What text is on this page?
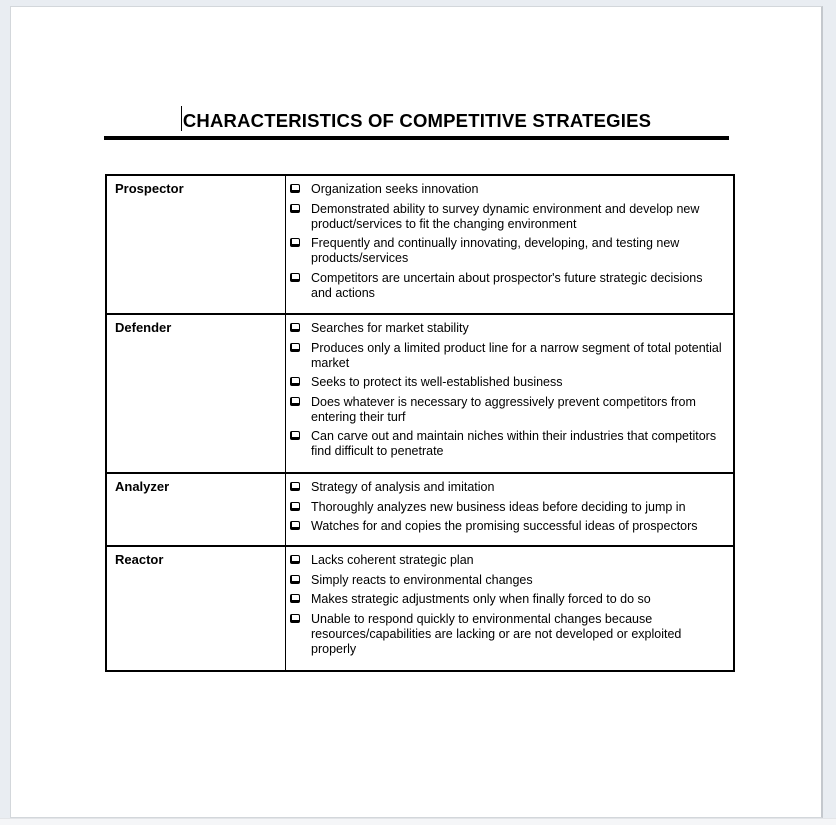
CHARACTERISTICS OF COMPETITIVE STRATEGIES
Prospector	Organization seeks innovation
Demonstrated ability to survey dynamic environment and develop new product/services to fit the changing environment
Frequently and continually innovating, developing, and testing new products/services
Competitors are uncertain about prospector's future strategic decisions and actions
Defender	Searches for market stability
Produces only a limited product line for a narrow segment of total potential market
Seeks to protect its well-established business
Does whatever is necessary to aggressively prevent competitors from entering their turf
Can carve out and maintain niches within their industries that competitors find difficult to penetrate
Analyzer	Strategy of analysis and imitation
Thoroughly analyzes new business ideas before deciding to jump in
Watches for and copies the promising successful ideas of prospectors
Reactor	Lacks coherent strategic plan
Simply reacts to environmental changes
Makes strategic adjustments only when finally forced to do so
Unable to respond quickly to environmental changes because resources/capabilities are lacking or are not developed or exploited properly
